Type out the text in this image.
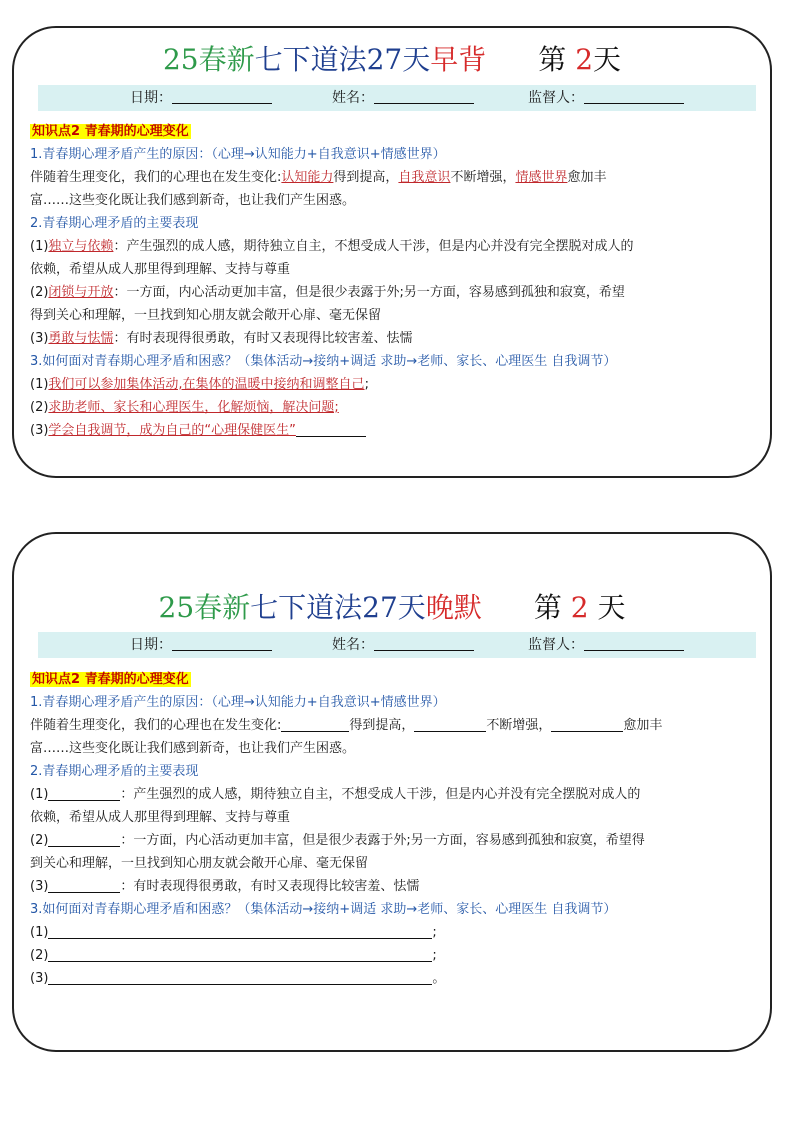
25春新七下道法27天早背 第 2天
日期：	姓名：	监督人：

知识点2 青春期的心理变化

1.青春期心理矛盾产生的原因：（心理→认知能力+自我意识+情感世界）

伴随着生理变化，我们的心理也在发生变化:认知能力得到提高，自我意识不断增强，情感世界愈加丰

富……这些变化既让我们感到新奇，也让我们产生困惑。

2.青春期心理矛盾的主要表现

(1)独立与依赖：产生强烈的成人感，期待独立自主，不想受成人干涉，但是内心并没有完全摆脱对成人的

依赖，希望从成人那里得到理解、支持与尊重

(2)闭锁与开放：一方面，内心活动更加丰富，但是很少表露于外;另一方面，容易感到孤独和寂寞，希望

得到关心和理解，一旦找到知心朋友就会敞开心扉、毫无保留

(3)勇敢与怯懦：有时表现得很勇敢，有时又表现得比较害羞、怯懦

3.如何面对青春期心理矛盾和困惑？（集体活动→接纳+调适 求助→老师、家长、心理医生 自我调节）

(1)我们可以参加集体活动,在集体的温暖中接纳和调整自己;

(2)求助老师、家长和心理医生，化解烦恼，解决问题;

(3)学会自我调节，成为自己的“心理保健医生”

25春新七下道法27天晚默 第 2 天
日期：	姓名：	监督人：

知识点2 青春期的心理变化

1.青春期心理矛盾产生的原因：（心理→认知能力+自我意识+情感世界）

伴随着生理变化，我们的心理也在发生变化:	得到提高，	不断增强，	愈加丰

富……这些变化既让我们感到新奇，也让我们产生困惑。

2.青春期心理矛盾的主要表现

(1)	：产生强烈的成人感，期待独立自主，不想受成人干涉，但是内心并没有完全摆脱对成人的

依赖，希望从成人那里得到理解、支持与尊重

(2)	：一方面，内心活动更加丰富，但是很少表露于外;另一方面，容易感到孤独和寂寞，希望得

到关心和理解，一旦找到知心朋友就会敞开心扉、毫无保留

(3)	：有时表现得很勇敢，有时又表现得比较害羞、怯懦

3.如何面对青春期心理矛盾和困惑？（集体活动→接纳+调适 求助→老师、家长、心理医生 自我调节）

(1)	;

(2)	;

(3)	。
